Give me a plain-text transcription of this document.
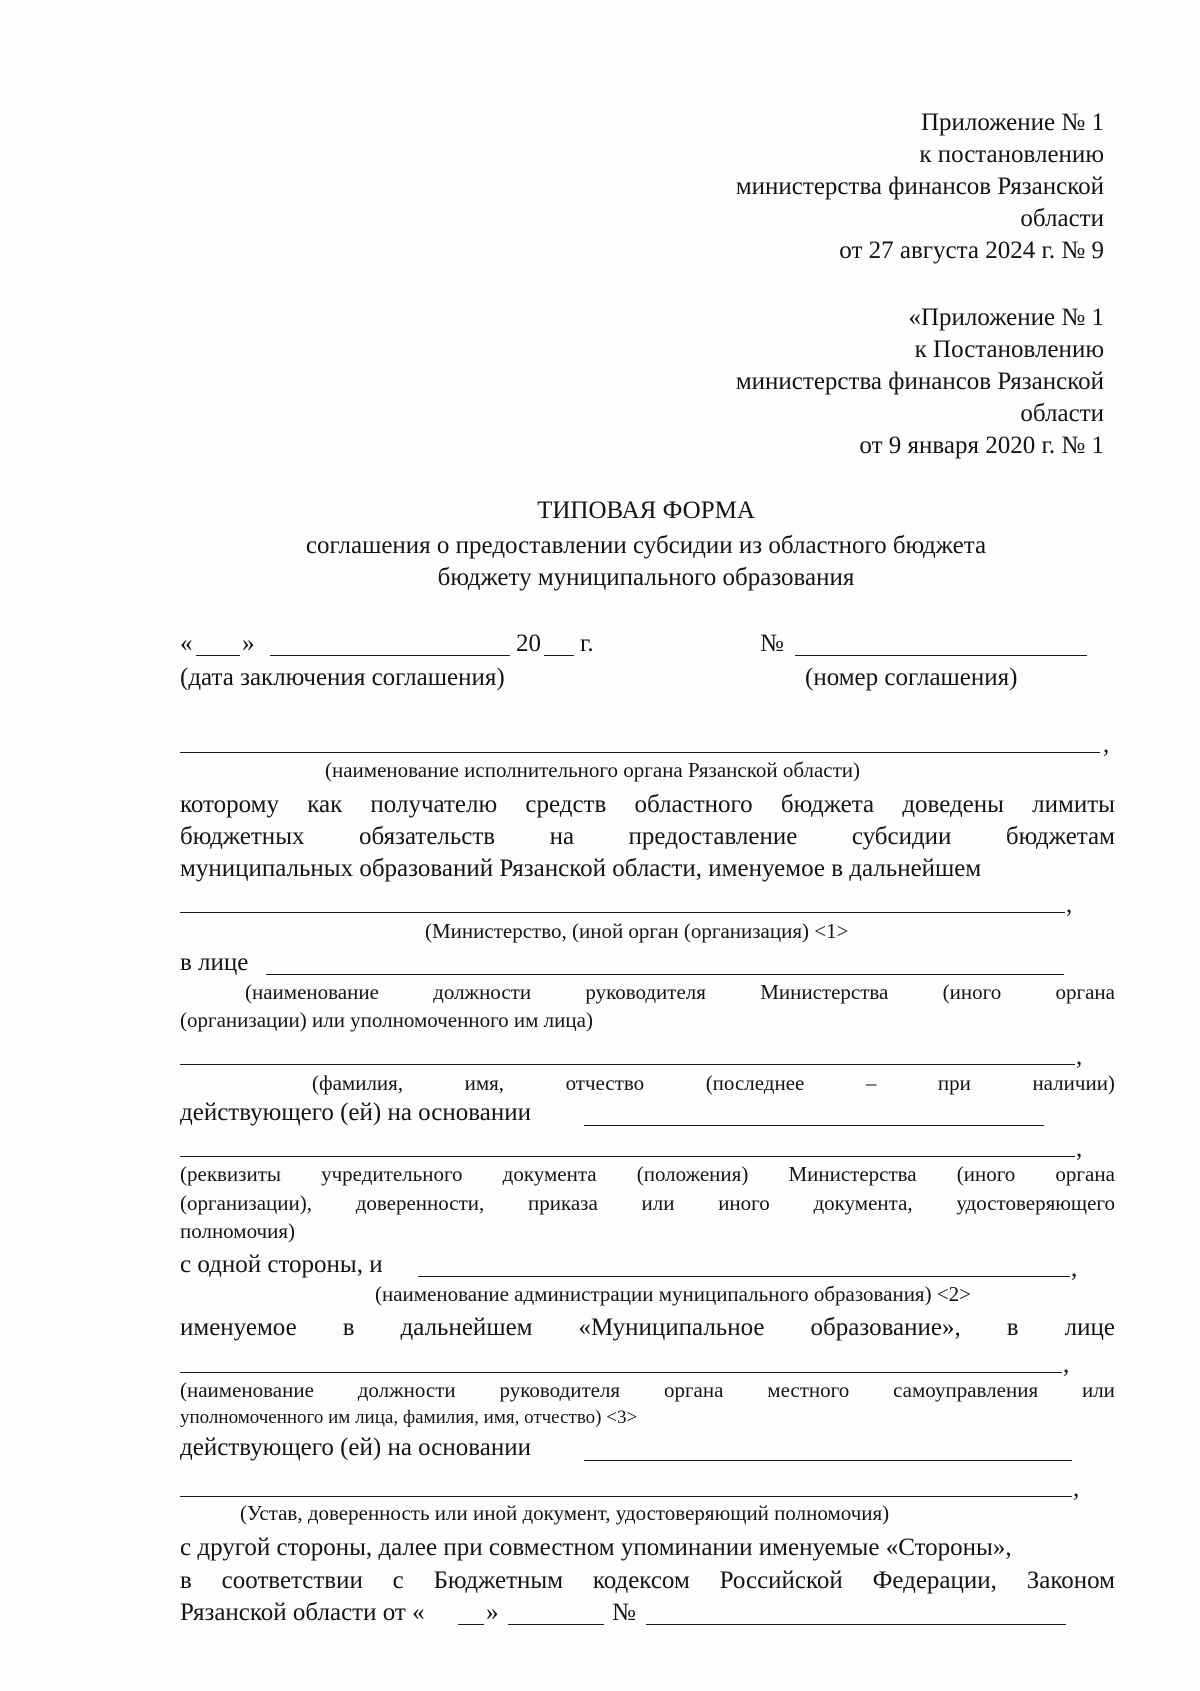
Приложение № 1

к постановлению

министерства финансов Рязанской

области

от 27 августа 2024 г. № 9

«Приложение № 1

к Постановлению

министерства финансов Рязанской

области

от 9 января 2020 г. № 1

ТИПОВАЯ ФОРМА

соглашения о предоставлении субсидии из областного бюджета

бюджету муниципального образования

« »	20 г.	№

(дата заключения соглашения)	(номер соглашения)

,

(наименование исполнительного органа Рязанской области)

которому как получателю средств областного бюджета доведены лимиты
бюджетных обязательств на предоставление субсидии бюджетам

муниципальных образований Рязанской области, именуемое в дальнейшем

,

(Министерство, (иной орган (организация) <1>

в лице

(наименование	должности	руководителя	Министерства	(иного	органа

(организации) или уполномоченного им лица)

,
(фамилия,	имя,	отчество	(последнее	–	при	наличии)

действующего (ей) на основании

,
(реквизиты учредительного документа (положения) Министерства (иного органа
(организации), доверенности, приказа или иного документа, удостоверяющего

полномочия)

с одной стороны, и	,

(наименование администрации муниципального образования) <2>

именуемое в дальнейшем «Муниципальное образование», в лице
,
(наименование должности руководителя органа местного самоуправления или

уполномоченного им лица, фамилия, имя, отчество) <3>

действующего (ей) на основании

,

(Устав, доверенность или иной документ, удостоверяющий полномочия)

с другой стороны, далее при совместном упоминании именуемые «Стороны»,

в соответствии с Бюджетным кодексом Российской Федерации, Законом
Рязанской области от « »	№
